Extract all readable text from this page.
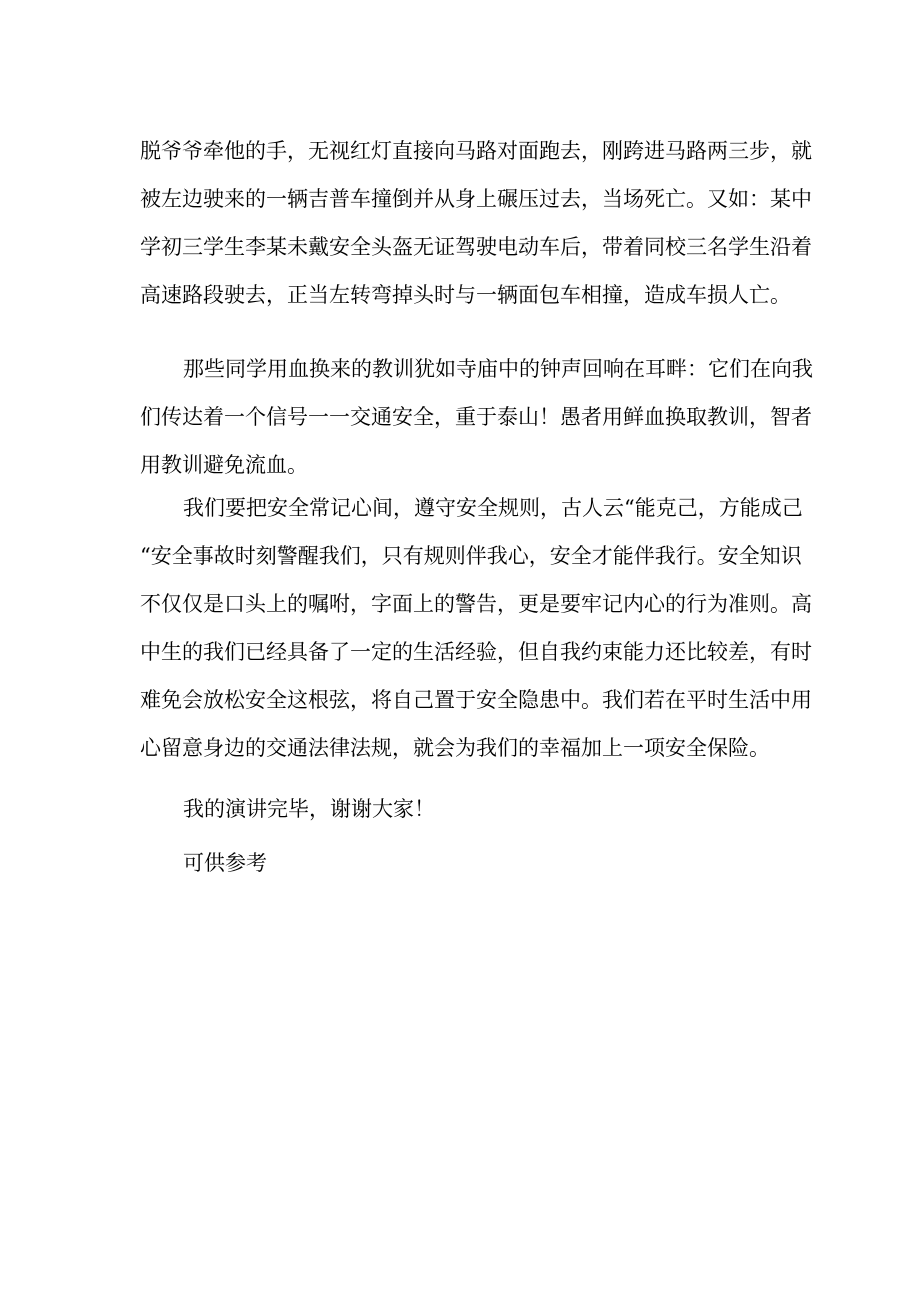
脱爷爷牵他的手，无视红灯直接向马路对面跑去，刚跨进马路两三步，就
被左边驶来的一辆吉普车撞倒并从身上碾压过去，当场死亡。又如：某中
学初三学生李某未戴安全头盔无证驾驶电动车后，带着同校三名学生沿着
高速路段驶去，正当左转弯掉头时与一辆面包车相撞，造成车损人亡。
那些同学用血换来的教训犹如寺庙中的钟声回响在耳畔：它们在向我
们传达着一个信号一一交通安全，重于泰山！愚者用鲜血换取教训，智者
用教训避免流血。
我们要把安全常记心间，遵守安全规则，古人云“能克己，方能成己
“安全事故时刻警醒我们，只有规则伴我心，安全才能伴我行。安全知识
不仅仅是口头上的嘱咐，字面上的警告，更是要牢记内心的行为准则。高
中生的我们已经具备了一定的生活经验，但自我约束能力还比较差，有时
难免会放松安全这根弦，将自己置于安全隐患中。我们若在平时生活中用
心留意身边的交通法律法规，就会为我们的幸福加上一项安全保险。
我的演讲完毕，谢谢大家！
可供参考
